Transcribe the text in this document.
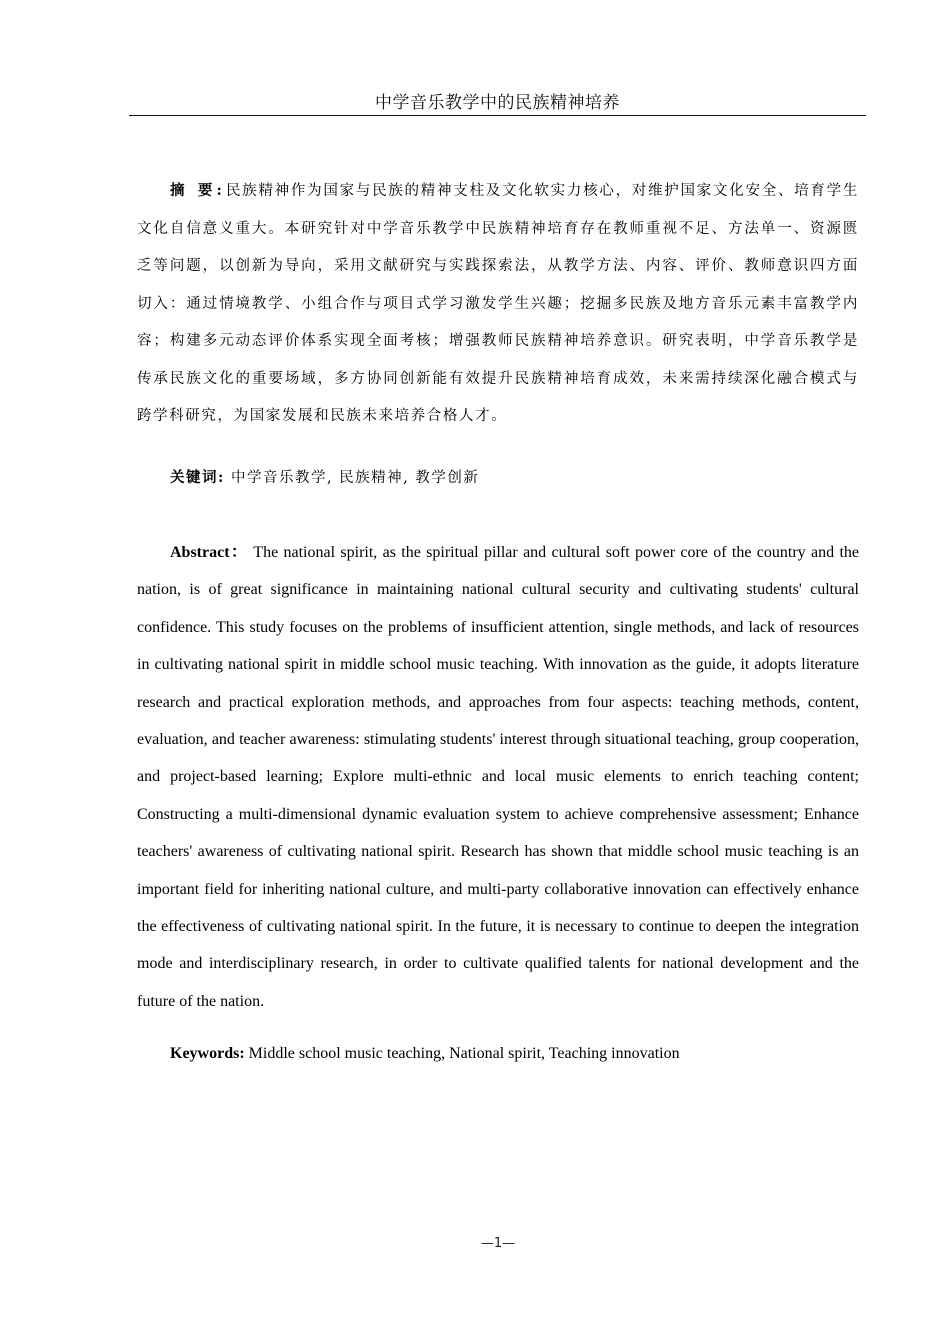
中学音乐教学中的民族精神培养
摘 要:民族精神作为国家与民族的精神支柱及文化软实力核心，对维护国家文化安全、培育学生文化自信意义重大。本研究针对中学音乐教学中民族精神培育存在教师重视不足、方法单一、资源匮乏等问题，以创新为导向，采用文献研究与实践探索法，从教学方法、内容、评价、教师意识四方面切入：通过情境教学、小组合作与项目式学习激发学生兴趣；挖掘多民族及地方音乐元素丰富教学内容；构建多元动态评价体系实现全面考核；增强教师民族精神培养意识。研究表明，中学音乐教学是传承民族文化的重要场域，多方协同创新能有效提升民族精神培育成效，未来需持续深化融合模式与跨学科研究，为国家发展和民族未来培养合格人才。
关键词: 中学音乐教学, 民族精神, 教学创新
Abstract： The national spirit, as the spiritual pillar and cultural soft power core of the country and the nation, is of great significance in maintaining national cultural security and cultivating students' cultural confidence. This study focuses on the problems of insufficient attention, single methods, and lack of resources in cultivating national spirit in middle school music teaching. With innovation as the guide, it adopts literature research and practical exploration methods, and approaches from four aspects: teaching methods, content, evaluation, and teacher awareness: stimulating students' interest through situational teaching, group cooperation, and project-based learning; Explore multi-ethnic and local music elements to enrich teaching content; Constructing a multi-dimensional dynamic evaluation system to achieve comprehensive assessment; Enhance teachers' awareness of cultivating national spirit. Research has shown that middle school music teaching is an important field for inheriting national culture, and multi-party collaborative innovation can effectively enhance the effectiveness of cultivating national spirit. In the future, it is necessary to continue to deepen the integration mode and interdisciplinary research, in order to cultivate qualified talents for national development and the future of the nation.
Keywords: Middle school music teaching, National spirit, Teaching innovation
—1—
